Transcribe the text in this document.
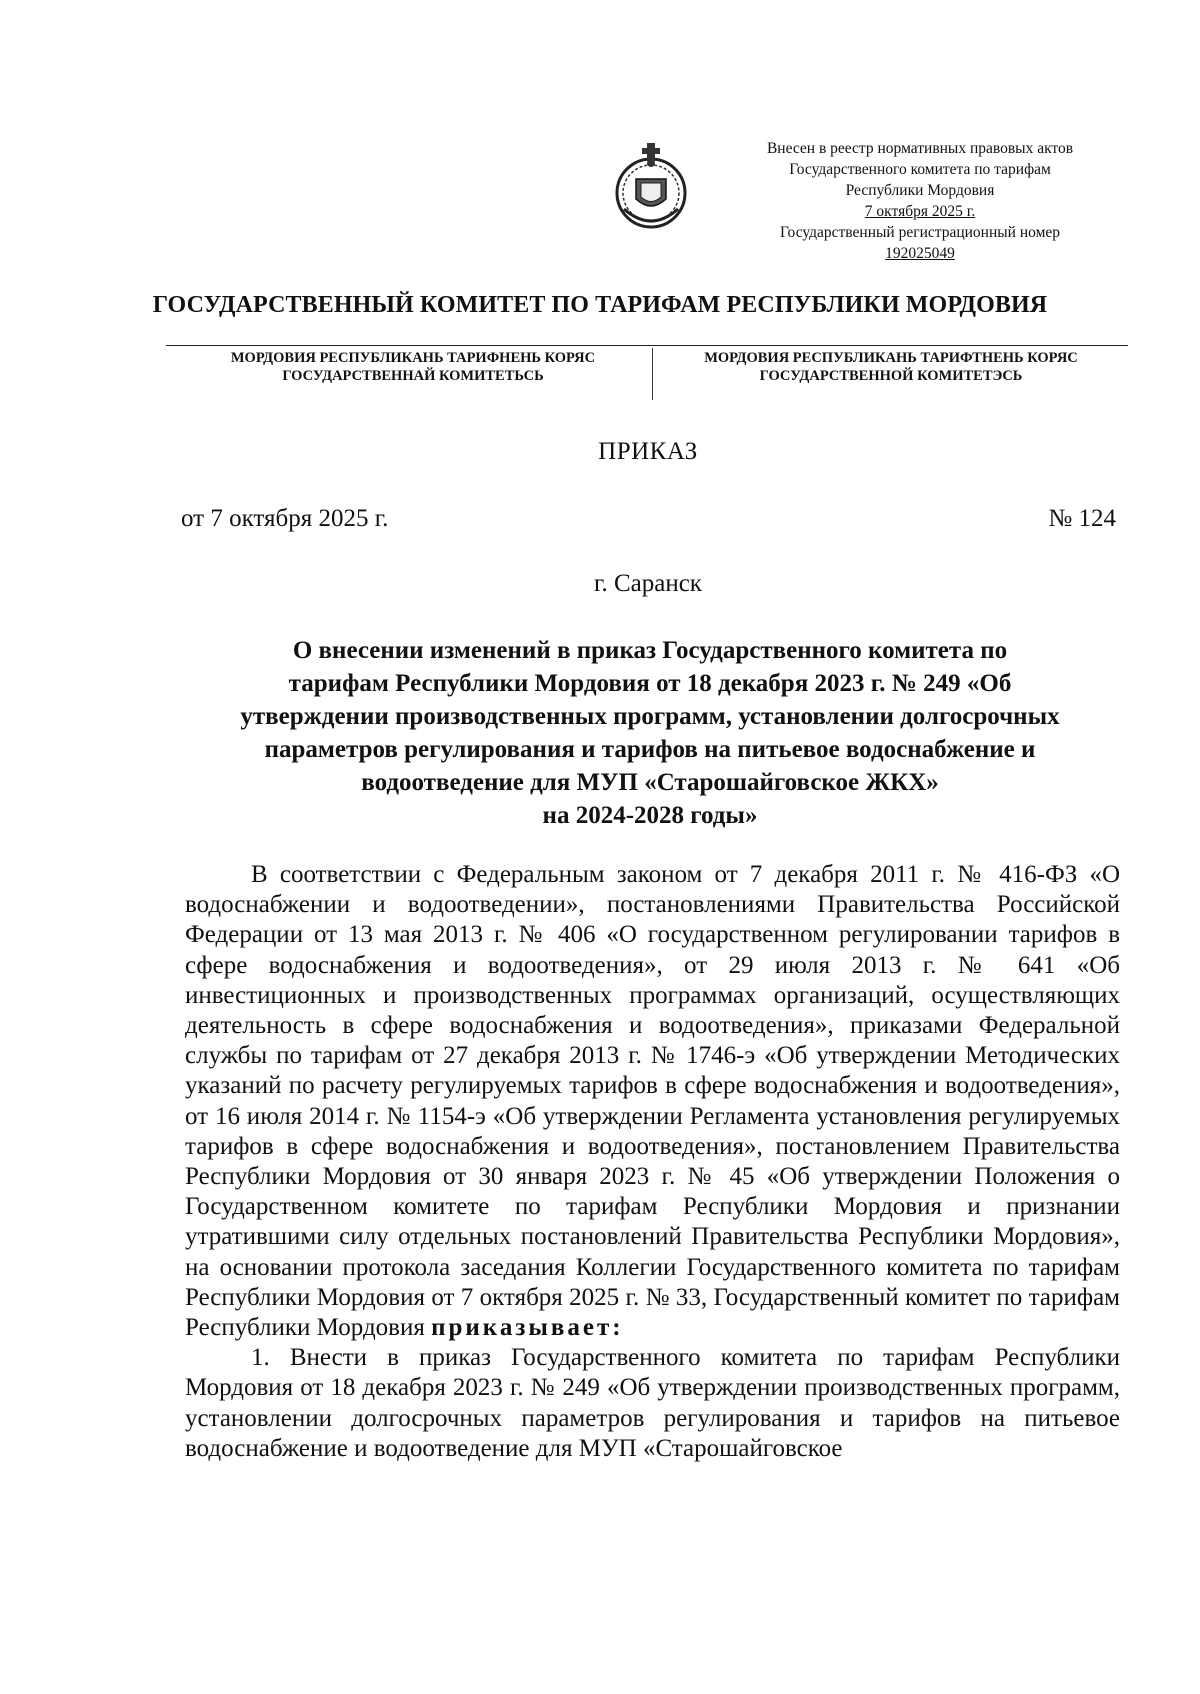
Внесен в реестр нормативных правовых актов
Государственного комитета по тарифам
Республики Мордовия
7 октября 2025 г.
Государственный регистрационный номер
192025049
ГОСУДАРСТВЕННЫЙ КОМИТЕТ ПО ТАРИФАМ РЕСПУБЛИКИ МОРДОВИЯ
МОРДОВИЯ РЕСПУБЛИКАНЬ ТАРИФНЕНЬ КОРЯС
ГОСУДАРСТВЕННАЙ КОМИТЕТЬСЬ
МОРДОВИЯ РЕСПУБЛИКАНЬ ТАРИФТНЕНЬ КОРЯС
ГОСУДАРСТВЕННОЙ КОМИТЕТЭСЬ
ПРИКАЗ
от 7 октября 2025 г.	№ 124
г. Саранск
О внесении изменений в приказ Государственного комитета по
тарифам Республики Мордовия от 18 декабря 2023 г. № 249 «Об
утверждении производственных программ, установлении долгосрочных
параметров регулирования и тарифов на питьевое водоснабжение и
водоотведение для МУП «Старошайговское ЖКХ»
на 2024-2028 годы»

В соответствии с Федеральным законом от 7 декабря 2011 г. № 416-ФЗ «О водоснабжении и водоотведении», постановлениями Правительства Российской Федерации от 13 мая 2013 г. № 406 «О государственном регулировании тарифов в сфере водоснабжения и водоотведения», от 29 июля 2013 г. № 641 «Об инвестиционных и производственных программах организаций, осуществляющих деятельность в сфере водоснабжения и водоотведения», приказами Федеральной службы по тарифам от 27 декабря 2013 г. № 1746-э «Об утверждении Методических указаний по расчету регулируемых тарифов в сфере водоснабжения и водоотведения», от 16 июля 2014 г. № 1154-э «Об утверждении Регламента установления регулируемых тарифов в сфере водоснабжения и водоотведения», постановлением Правительства Республики Мордовия от 30 января 2023 г. № 45 «Об утверждении Положения о Государственном комитете по тарифам Республики Мордовия и признании утратившими силу отдельных постановлений Правительства Республики Мордовия», на основании протокола заседания Коллегии Государственного комитета по тарифам Республики Мордовия от 7 октября 2025 г. № 33, Государственный комитет по тарифам Республики Мордовия приказывает:

1. Внести в приказ Государственного комитета по тарифам Республики Мордовия от 18 декабря 2023 г. № 249 «Об утверждении производственных программ, установлении долгосрочных параметров регулирования и тарифов на питьевое водоснабжение и водоотведение для МУП «Старошайговское
